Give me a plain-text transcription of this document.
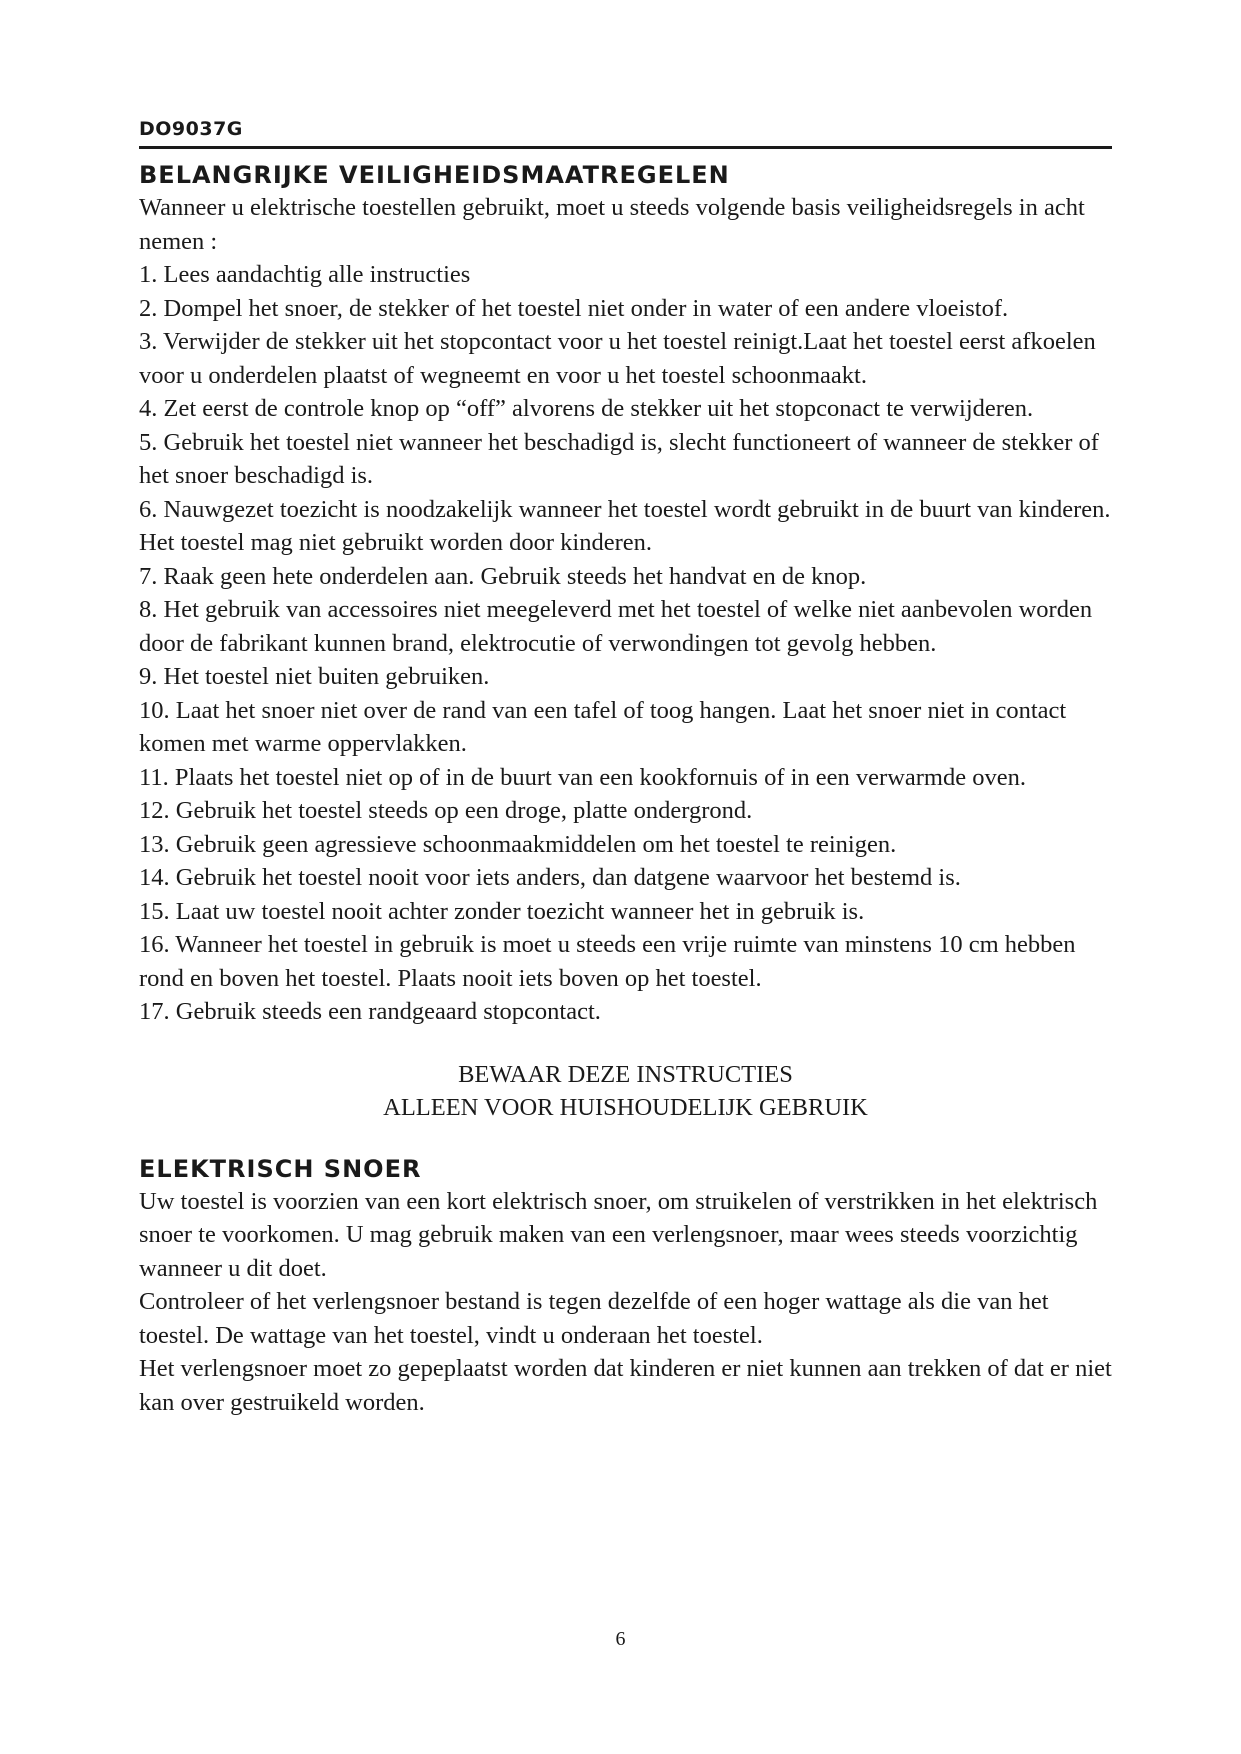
DO9037G
BELANGRIJKE VEILIGHEIDSMAATREGELEN

Wanneer u elektrische toestellen gebruikt, moet u steeds volgende basis veiligheidsregels in acht nemen :

1. Lees aandachtig alle instructies

2. Dompel het snoer, de stekker of het toestel niet onder in water of een andere vloeistof.

3. Verwijder de stekker uit het stopcontact voor u het toestel reinigt.Laat het toestel eerst afkoelen voor u onderdelen plaatst of wegneemt en voor u het toestel schoonmaakt.

4. Zet eerst de controle knop op “off” alvorens de stekker uit het stopconact te verwijderen.

5. Gebruik het toestel niet wanneer het beschadigd is, slecht functioneert of wanneer de stekker of het snoer beschadigd is.

6. Nauwgezet toezicht is noodzakelijk wanneer het toestel wordt gebruikt in de buurt van kinderen. Het toestel mag niet gebruikt worden door kinderen.

7. Raak geen hete onderdelen aan. Gebruik steeds het handvat en de knop.

8. Het gebruik van accessoires niet meegeleverd met het toestel of welke niet aanbevolen worden door de fabrikant kunnen brand, elektrocutie of verwondingen tot gevolg hebben.

9. Het toestel niet buiten gebruiken.

10. Laat het snoer niet over de rand van een tafel of toog hangen. Laat het snoer niet in contact komen met warme oppervlakken.

11. Plaats het toestel niet op of in de buurt van een kookfornuis of in een verwarmde oven.

12. Gebruik het toestel steeds op een droge, platte ondergrond.

13. Gebruik geen agressieve schoonmaakmiddelen om het toestel te reinigen.

14. Gebruik het toestel nooit voor iets anders, dan datgene waarvoor het bestemd is.

15. Laat uw toestel nooit achter zonder toezicht wanneer het in gebruik is.

16. Wanneer het toestel in gebruik is moet u steeds een vrije ruimte van minstens 10 cm hebben rond en boven het toestel. Plaats nooit iets boven op het toestel.

17. Gebruik steeds een randgeaard stopcontact.

BEWAAR DEZE INSTRUCTIES
ALLEEN VOOR HUISHOUDELIJK GEBRUIK
ELEKTRISCH SNOER

Uw toestel is voorzien van een kort elektrisch snoer, om struikelen of verstrikken in het elektrisch snoer te voorkomen. U mag gebruik maken van een verlengsnoer, maar wees steeds voorzichtig wanneer u dit doet.

Controleer of het verlengsnoer bestand is tegen dezelfde of een hoger wattage als die van het toestel. De wattage van het toestel, vindt u onderaan het toestel.

Het verlengsnoer moet zo gepeplaatst worden dat kinderen er niet kunnen aan trekken of dat er niet kan over gestruikeld worden.

6
